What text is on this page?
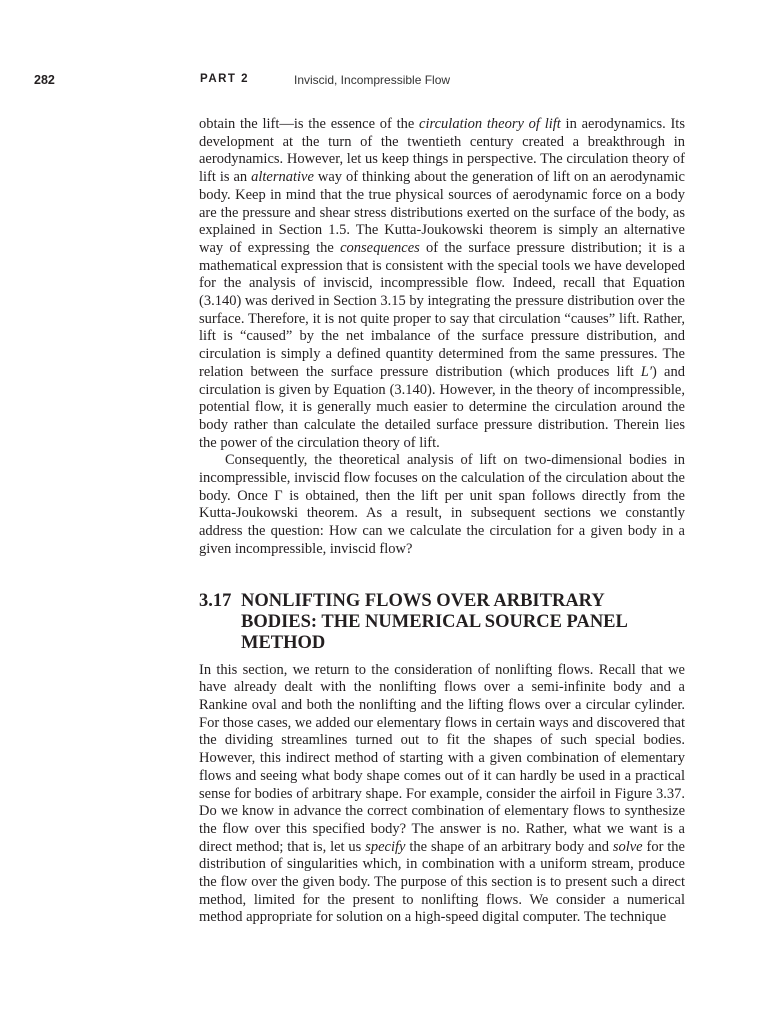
282	PART 2	Inviscid, Incompressible Flow

obtain the lift—is the essence of the circulation theory of lift in aerodynamics. Its development at the turn of the twentieth century created a breakthrough in aerodynamics. However, let us keep things in perspective. The circulation theory of lift is an alternative way of thinking about the generation of lift on an aerodynamic body. Keep in mind that the true physical sources of aerodynamic force on a body are the pressure and shear stress distributions exerted on the surface of the body, as explained in Section 1.5. The Kutta-Joukowski theorem is simply an alternative way of expressing the consequences of the surface pressure distribution; it is a mathematical expression that is consistent with the special tools we have developed for the analysis of inviscid, incompressible flow. Indeed, recall that Equation (3.140) was derived in Section 3.15 by integrating the pressure distribution over the surface. Therefore, it is not quite proper to say that circulation “causes” lift. Rather, lift is “caused” by the net imbalance of the surface pressure distribution, and circulation is simply a defined quantity determined from the same pressures. The relation between the surface pressure distribution (which produces lift L′) and circulation is given by Equation (3.140). However, in the theory of incompressible, potential flow, it is generally much easier to determine the circulation around the body rather than calculate the detailed surface pressure distribution. Therein lies the power of the circulation theory of lift.

Consequently, the theoretical analysis of lift on two-dimensional bodies in incompressible, inviscid flow focuses on the calculation of the circulation about the body. Once Γ is obtained, then the lift per unit span follows directly from the Kutta-Joukowski theorem. As a result, in subsequent sections we constantly address the question: How can we calculate the circulation for a given body in a given incompressible, inviscid flow?

3.17 NONLIFTING FLOWS OVER ARBITRARY BODIES: THE NUMERICAL SOURCE PANEL METHOD

In this section, we return to the consideration of nonlifting flows. Recall that we have already dealt with the nonlifting flows over a semi-infinite body and a Rankine oval and both the nonlifting and the lifting flows over a circular cylinder. For those cases, we added our elementary flows in certain ways and discovered that the dividing streamlines turned out to fit the shapes of such special bodies. However, this indirect method of starting with a given combination of elementary flows and seeing what body shape comes out of it can hardly be used in a practical sense for bodies of arbitrary shape. For example, consider the airfoil in Figure 3.37. Do we know in advance the correct combination of elementary flows to synthesize the flow over this specified body? The answer is no. Rather, what we want is a direct method; that is, let us specify the shape of an arbitrary body and solve for the distribution of singularities which, in combination with a uniform stream, produce the flow over the given body. The purpose of this section is to present such a direct method, limited for the present to nonlifting flows. We consider a numerical method appropriate for solution on a high-speed digital computer. The technique
